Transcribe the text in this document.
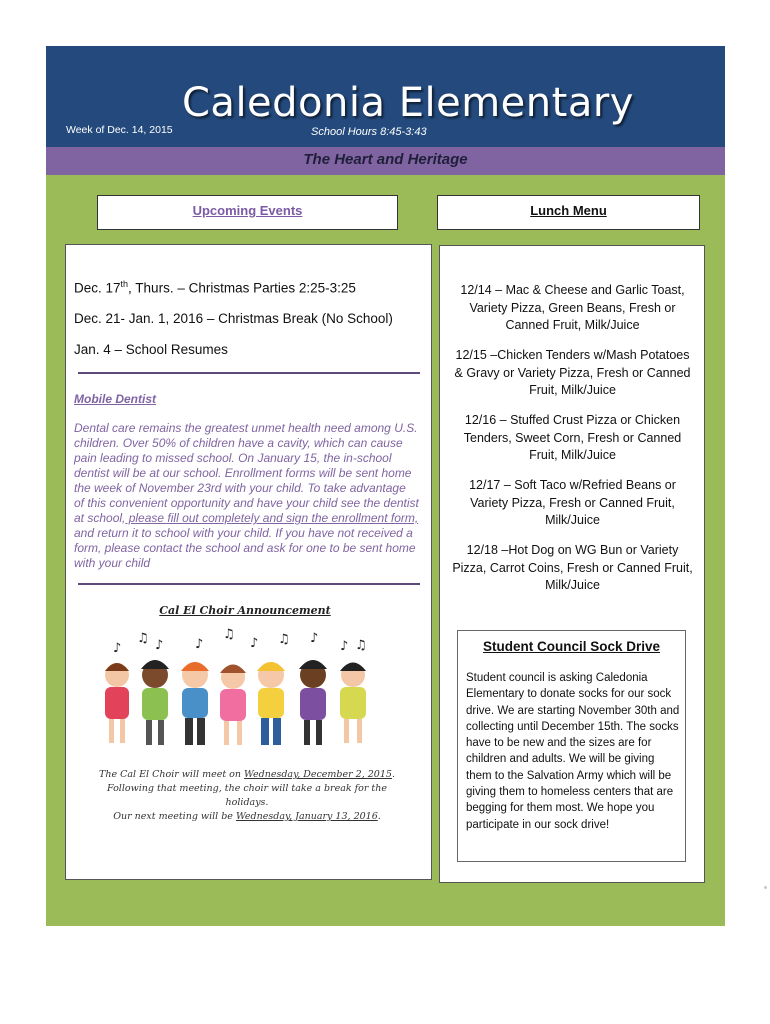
Caledonia Elementary
Week of Dec. 14, 2015	School Hours 8:45-3:43
The Heart and Heritage
Upcoming Events	Lunch Menu
Dec. 17th, Thurs. – Christmas Parties 2:25-3:25
Dec. 21- Jan. 1, 2016 – Christmas Break (No School)
Jan. 4 – School Resumes
Mobile Dentist
Dental care remains the greatest unmet health need among U.S. children. Over 50% of children have a cavity, which can cause pain leading to missed school. On January 15, the in-school dentist will be at our school. Enrollment forms will be sent home the week of November 23rd with your child. To take advantage of this convenient opportunity and have your child see the dentist at school, please fill out completely and sign the enrollment form, and return it to school with your child. If you have not received a form, please contact the school and ask for one to be sent home with your child
Cal El Choir Announcement
♪
♫ ♪ ♪
♫
♪ ♫ ♪
♪ ♫
The Cal El Choir will meet on Wednesday, December 2, 2015.
Following that meeting, the choir will take a break for the holidays.
Our next meeting will be Wednesday, January 13, 2016.
12/14 – Mac & Cheese and Garlic Toast, Variety Pizza, Green Beans, Fresh or Canned Fruit, Milk/Juice
12/15 –Chicken Tenders w/Mash Potatoes & Gravy or Variety Pizza, Fresh or Canned Fruit, Milk/Juice
12/16 – Stuffed Crust Pizza or Chicken Tenders, Sweet Corn, Fresh or Canned Fruit, Milk/Juice
12/17 – Soft Taco w/Refried Beans or Variety Pizza, Fresh or Canned Fruit, Milk/Juice
12/18 –Hot Dog on WG Bun or Variety Pizza, Carrot Coins, Fresh or Canned Fruit, Milk/Juice
Student Council Sock Drive
Student council is asking Caledonia Elementary to donate socks for our sock drive. We are starting November 30th and collecting until December 15th. The socks have to be new and the sizes are for children and adults. We will be giving them to the Salvation Army which will be giving them to homeless centers that are begging for them most. We hope you participate in our sock drive!
